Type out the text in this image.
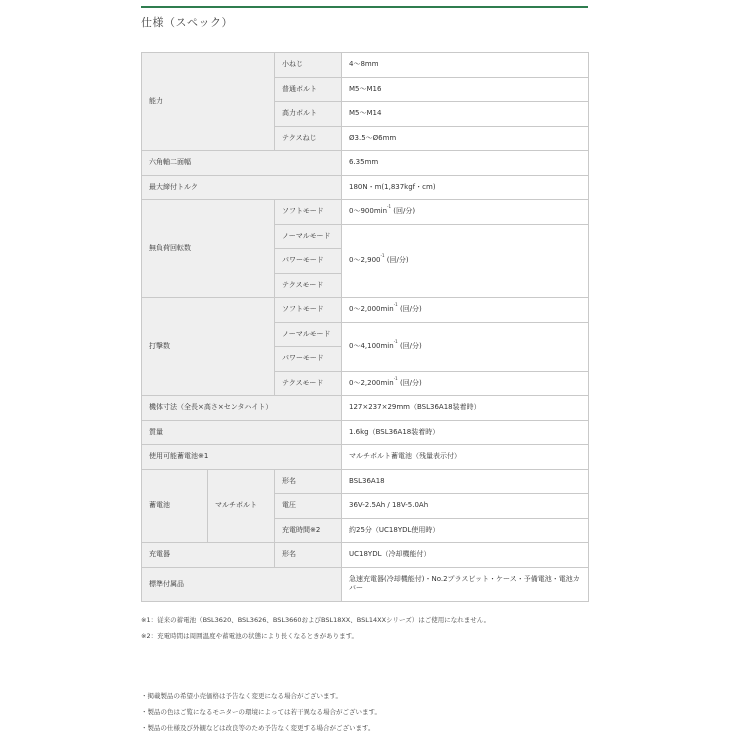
仕様（スペック）
能力		小ねじ	4～8mm
		普通ボルト	M5～M16
		高力ボルト	M5～M14
		テクスねじ	Ø3.5～Ø6mm
六角軸二面幅			6.35mm
最大締付トルク			180N・m(1,837kgf・cm)
無負荷回転数		ソフトモード	$0\sim 900\min^{-1}$ (回/分)
		ノーマルモード	$0\sim 2,900^{-1}$ (回/分)
		パワーモード	
		テクスモード	
打撃数		ソフトモード	$0\sim 2,000\min^{-1}$ (回/分)
		ノーマルモード	$0\sim 4,100\min^{-1}$ (回/分)
		パワーモード	
		テクスモード	$0\sim 2,200\min^{-1}$ (回/分)
機体寸法（全長×高さ×センタハイト）			127×237×29mm（BSL36A18装着時）
質量			1.6kg（BSL36A18装着時）
使用可能蓄電池※1			マルチボルト蓄電池（残量表示付）
蓄電池	マルチボルト	形名	BSL36A18
		電圧	36V-2.5Ah / 18V-5.0Ah
		充電時間※2	約25分（UC18YDL使用時）
充電器		形名	UC18YDL（冷却機能付）
標準付属品			急速充電器(冷却機能付)・No.2プラスビット・ケース・予備電池・電池カバー
※1：従来の蓄電池（BSL3620、BSL3626、BSL3660およびBSL18XX、BSL14XXシリーズ）はご使用になれません。
※2：充電時間は周囲温度や蓄電池の状態により長くなるときがあります。
・掲載製品の希望小売価格は予告なく変更になる場合がございます。
・製品の色はご覧になるモニターの環境によっては若干異なる場合がございます。
・製品の仕様及び外観などは改良等のため予告なく変更する場合がございます。
